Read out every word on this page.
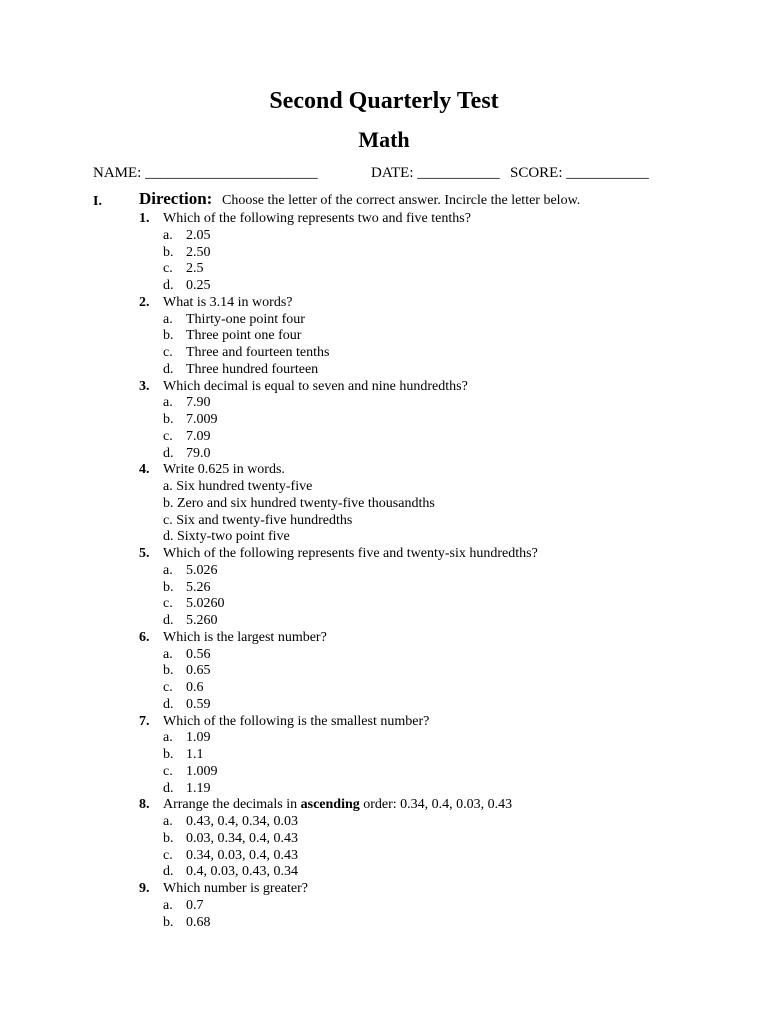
Second Quarterly Test
Math
NAME: _______________________	DATE: ___________ SCORE: ___________
I. Direction: Choose the letter of the correct answer. Incircle the letter below.
1. Which of the following represents two and five tenths?
a. 2.05
b. 2.50
c. 2.5
d. 0.25
2. What is 3.14 in words?
a. Thirty-one point four
b. Three point one four
c. Three and fourteen tenths
d. Three hundred fourteen
3. Which decimal is equal to seven and nine hundredths?
a. 7.90
b. 7.009
c. 7.09
d. 79.0
4. Write 0.625 in words.
a. Six hundred twenty-five
b. Zero and six hundred twenty-five thousandths
c. Six and twenty-five hundredths
d. Sixty-two point five
5. Which of the following represents five and twenty-six hundredths?
a. 5.026
b. 5.26
c. 5.0260
d. 5.260
6. Which is the largest number?
a. 0.56
b. 0.65
c. 0.6
d. 0.59
7. Which of the following is the smallest number?
a. 1.09
b. 1.1
c. 1.009
d. 1.19
8. Arrange the decimals in ascending order: 0.34, 0.4, 0.03, 0.43
a. 0.43, 0.4, 0.34, 0.03
b. 0.03, 0.34, 0.4, 0.43
c. 0.34, 0.03, 0.4, 0.43
d. 0.4, 0.03, 0.43, 0.34
9. Which number is greater?
a. 0.7
b. 0.68
